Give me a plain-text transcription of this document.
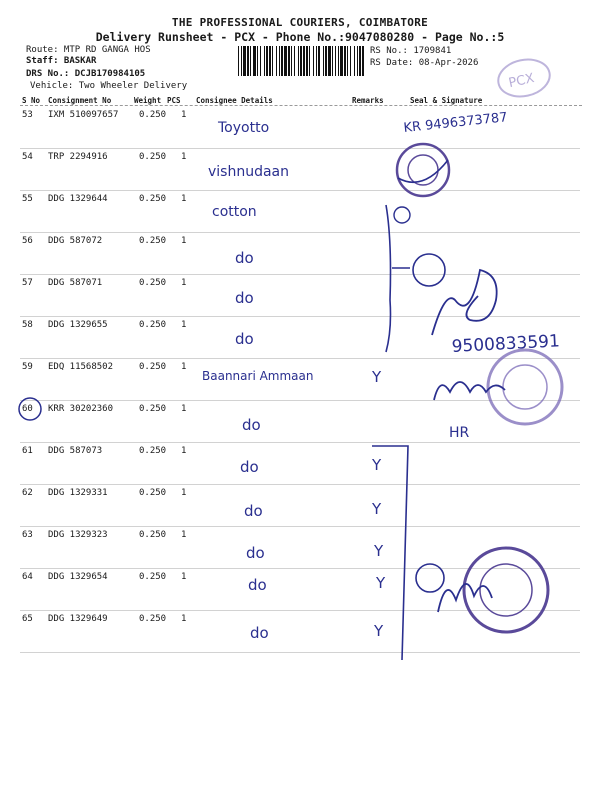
THE PROFESSIONAL COURIERS, COIMBATORE
Delivery Runsheet - PCX - Phone No.:9047080280 - Page No.:5
Route: MTP RD GANGA HOS
Staff: BASKAR
DRS No.: DCJB170984105
Vehicle: Two Wheeler Delivery
RS No.: 1709841
RS Date: 08-Apr-2026
S No Consignment No	Weight PCS Consignee Details	Remarks	Seal & Signature
53 IXM 510097657 0.250 1
Toyotto
54 TRP 2294916	0.250 1
vishnudaan
55 DDG 1329644	0.250 1
cotton
56 DDG 587072	0.250 1
do
57 DDG 587071	0.250 1
do
58 DDG 1329655	0.250 1
do
59 EDQ 11568502	0.250 1
Baannari Ammaan	Y
60 KRR 30202360	0.250 1
do
61 DDG 587073	0.250 1
do	Y
62 DDG 1329331	0.250 1
do	Y
63 DDG 1329323	0.250 1
do	Y
64 DDG 1329654	0.250 1	do	Y
65 DDG 1329649	0.250 1
do	Y
PCX
KR 9496373787
9500833591
HR
